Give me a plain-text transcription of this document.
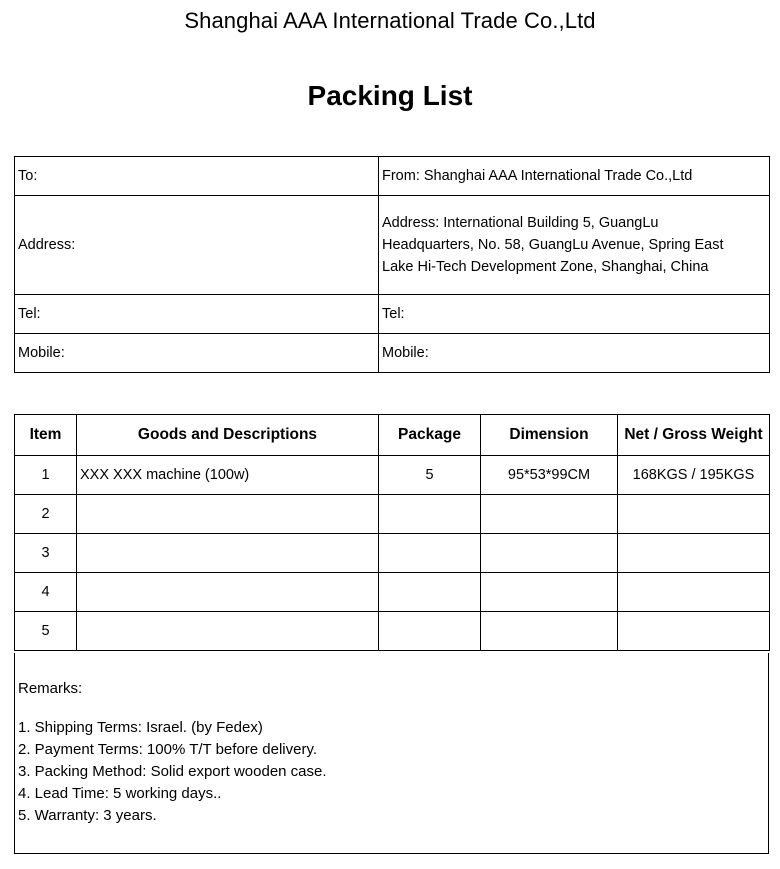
Shanghai AAA International Trade Co.,Ltd
Packing List
To:	From: Shanghai AAA International Trade Co.,Ltd
Address:	Address: International Building 5, GuangLu
Headquarters, No. 58, GuangLu Avenue, Spring East
Lake Hi-Tech Development Zone, Shanghai, China

Tel:	Tel:
Mobile:	Mobile:
Item	Goods and Descriptions	Package	Dimension	Net / Gross Weight
1	XXX XXX machine (100w)	5	95*53*99CM	168KGS / 195KGS
2				
3				
4				
5				
Remarks:
1. Shipping Terms: Israel. (by Fedex)
2. Payment Terms: 100% T/T before delivery.
3. Packing Method: Solid export wooden case.
4. Lead Time: 5 working days..
5. Warranty: 3 years.
